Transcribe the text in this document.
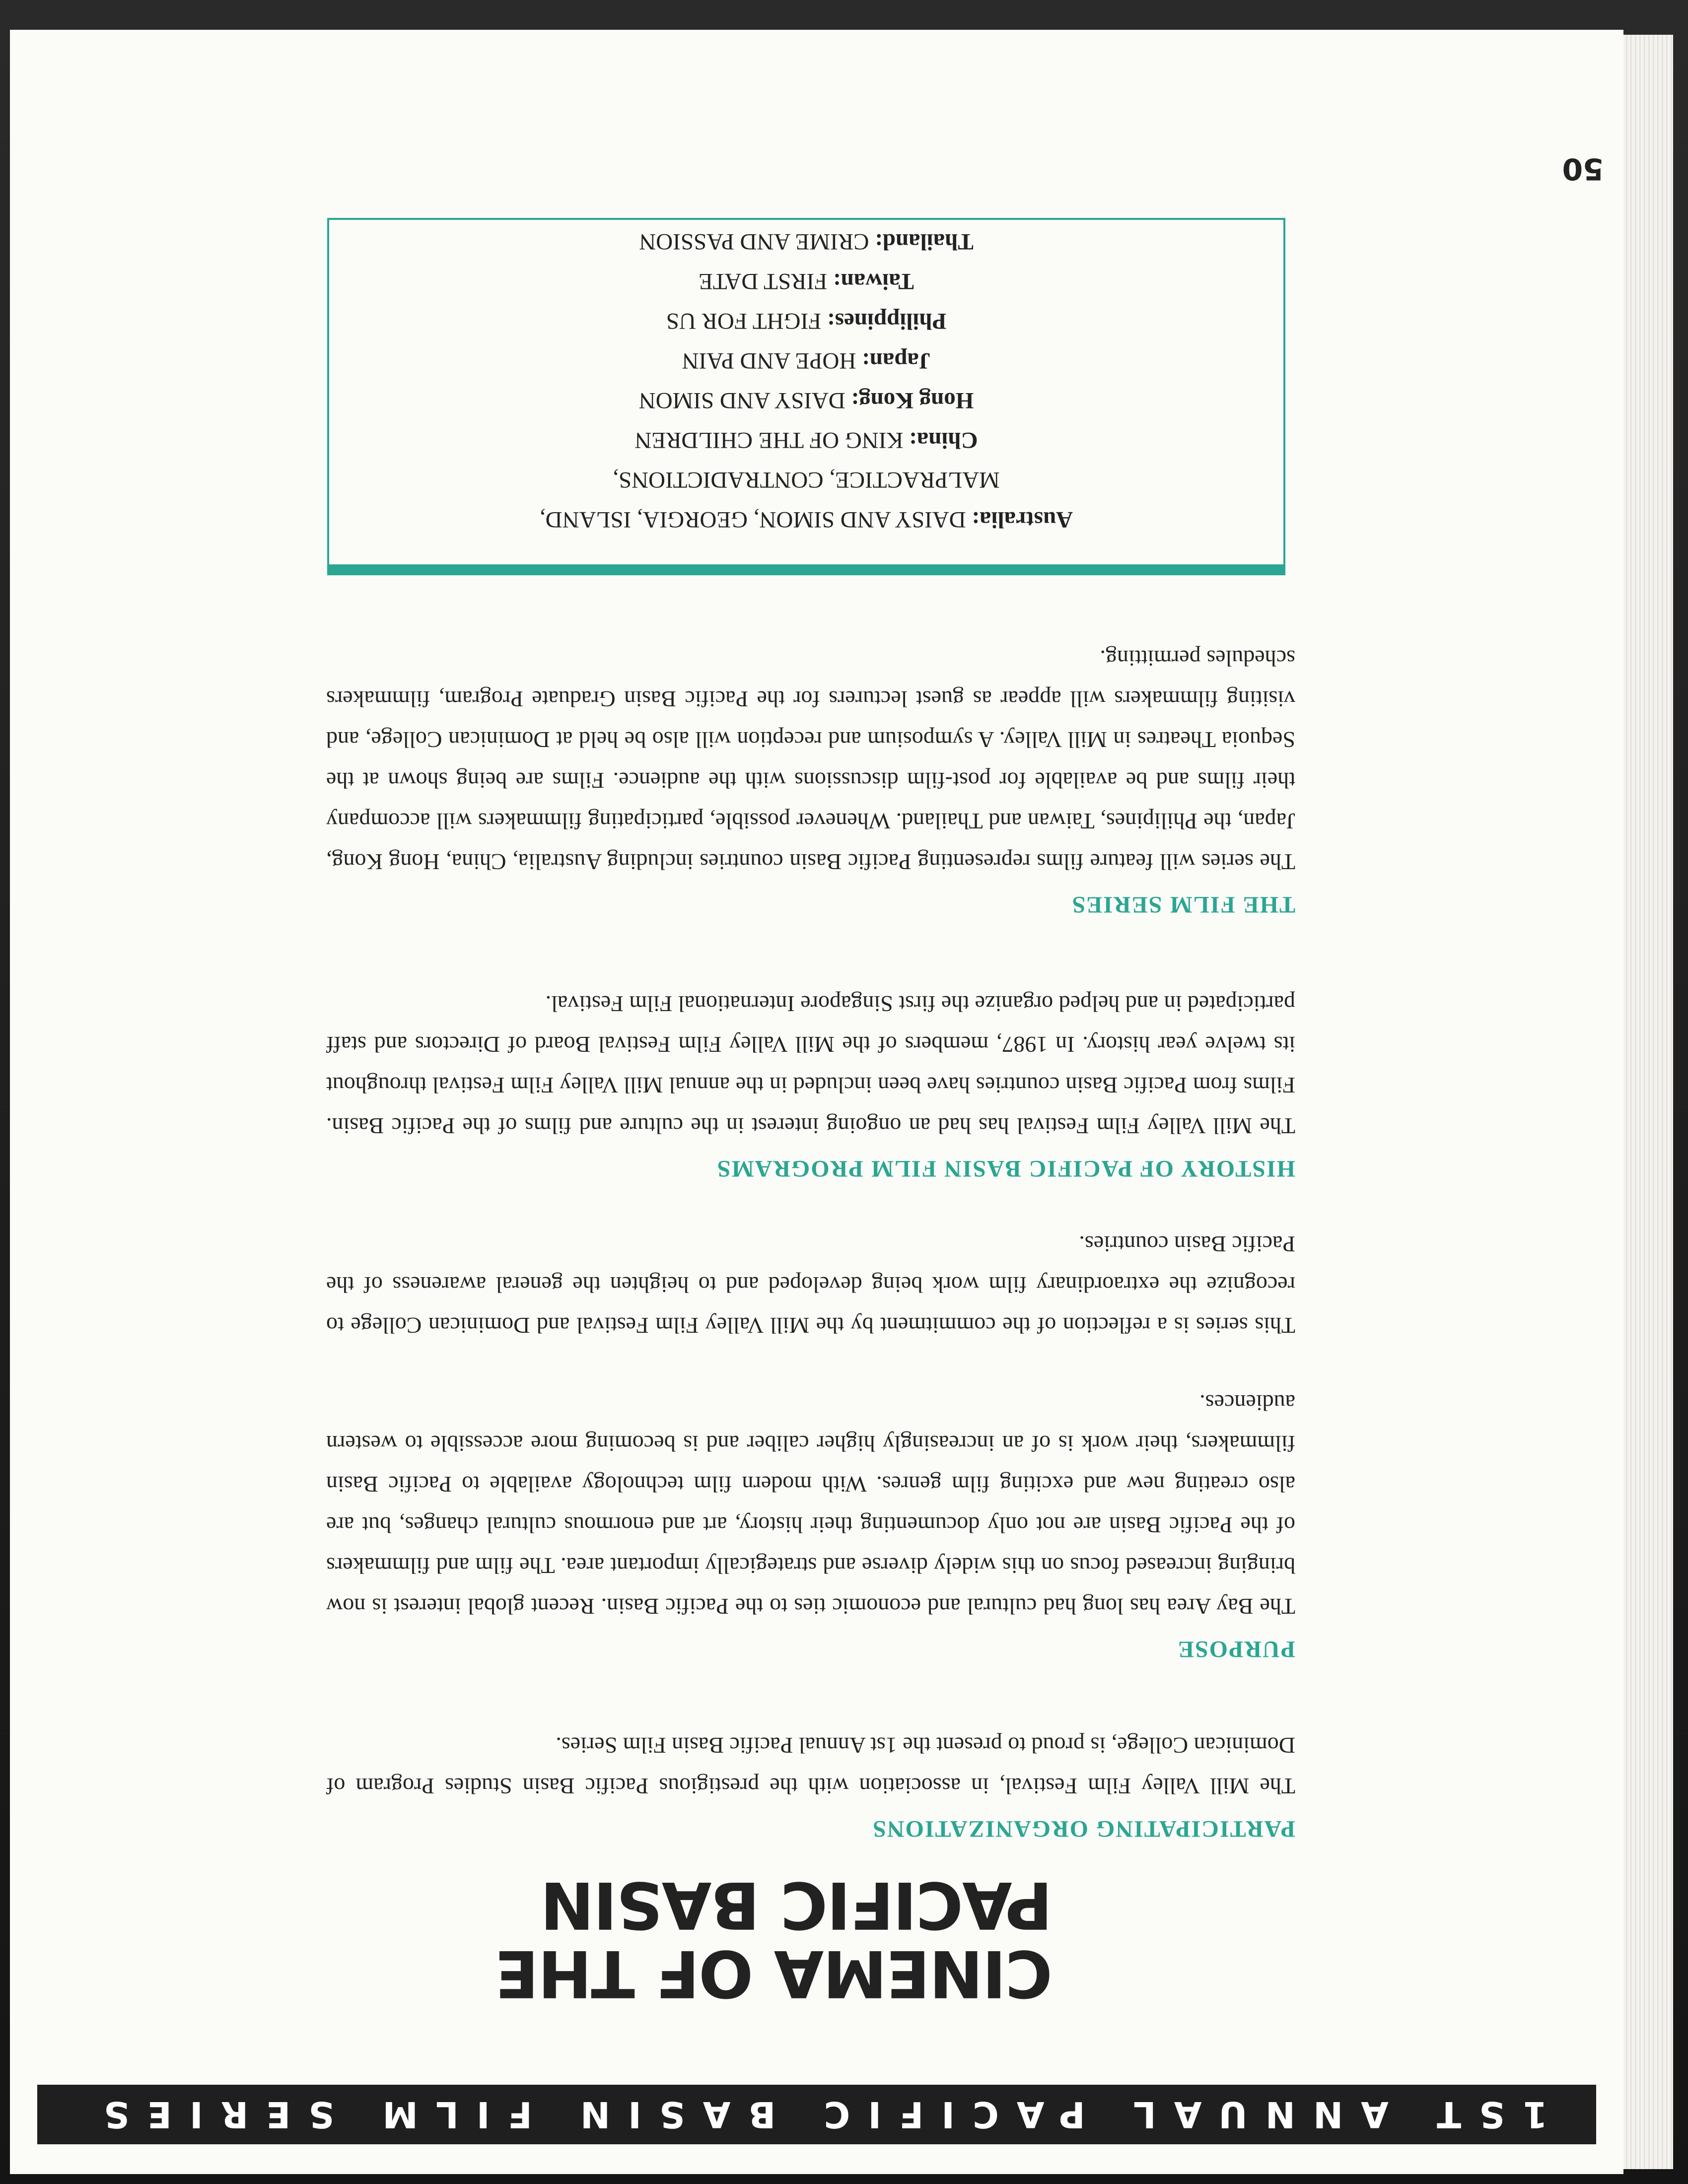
1ST ANNUAL PACIFIC BASIN FILM SERIES
CINEMA OF THE PACIFIC BASIN
PARTICIPATING ORGANIZATIONS

The Mill Valley Film Festival, in association with the prestigious Pacific Basin Studies Program of Dominican College, is proud to present the 1st Annual Pacific Basin Film Series.

PURPOSE

The Bay Area has long had cultural and economic ties to the Pacific Basin. Recent global interest is now bringing increased focus on this widely diverse and strategically important area. The film and filmmakers of the Pacific Basin are not only documenting their history, art and enormous cultural changes, but are also creating new and exciting film genres. With modern film technology available to Pacific Basin filmmakers, their work is of an increasingly higher caliber and is becoming more accessible to western audiences.

This series is a reflection of the commitment by the Mill Valley Film Festival and Dominican College to recognize the extraordinary film work being developed and to heighten the general awareness of the Pacific Basin countries.

HISTORY OF PACIFIC BASIN FILM PROGRAMS

The Mill Valley Film Festival has had an ongoing interest in the culture and films of the Pacific Basin. Films from Pacific Basin countries have been included in the annual Mill Valley Film Festival throughout its twelve year history. In 1987, members of the Mill Valley Film Festival Board of Directors and staff participated in and helped organize the first Singapore International Film Festival.

THE FILM SERIES

The series will feature films representing Pacific Basin countries including Australia, China, Hong Kong, Japan, the Philipines, Taiwan and Thailand. Whenever possible, participating filmmakers will accompany their films and be available for post-film discussions with the audience. Films are being shown at the Sequoia Theatres in Mill Valley. A symposium and reception will also be held at Dominican College, and visiting filmmakers will appear as guest lecturers for the Pacific Basin Graduate Program, filmmakers schedules permitting.

Australia: DAISY AND SIMON, GEORGIA, ISLAND,
MALPRACTICE, CONTRADICTIONS,
China: KING OF THE CHILDREN
Hong Kong: DAISY AND SIMON
Japan: HOPE AND PAIN
Philippines: FIGHT FOR US
Taiwan: FIRST DATE
Thailand: CRIME AND PASSION
50
